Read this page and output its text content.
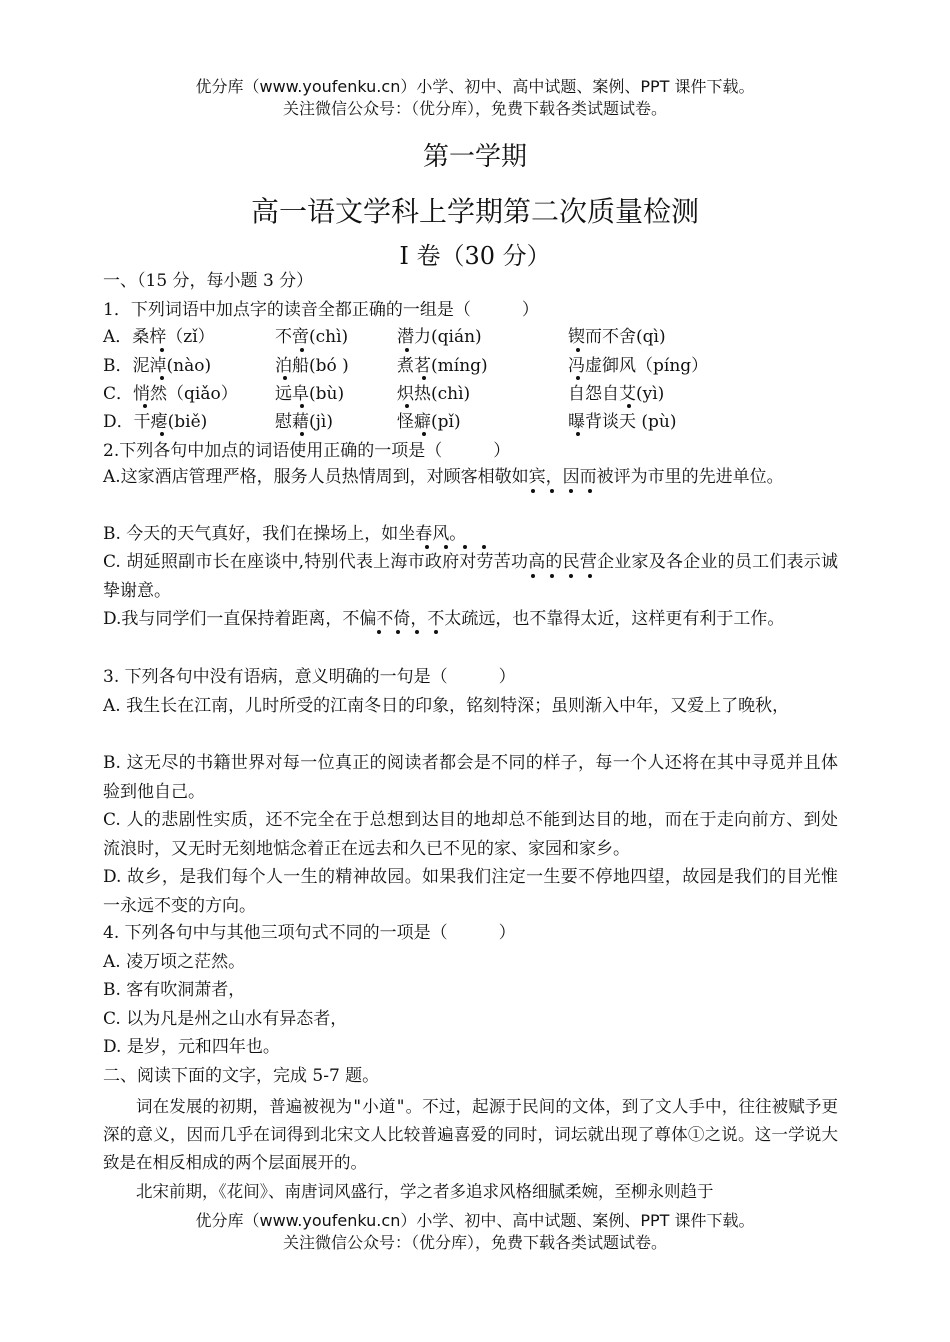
优分库（www.youfenku.cn）小学、初中、高中试题、案例、PPT 课件下载。
关注微信公众号：（优分库），免费下载各类试题试卷。
第一学期
高一语文学科上学期第二次质量检测
I 卷（30 分）
一、（15 分，每小题 3 分）
1．下列词语中加点字的读音全都正确的一组是（　　　）
A．桑梓（zǐ）	不啻(chì)	潜力(qián)	锲而不舍(qì)
B．泥淖(nào)	泊船(bó )	煮茗(míng)	冯虚御风（píng）
C．悄然（qiǎo） 远阜(bù)	炽热(chì)	自怨自艾(yì)
D．干瘪(biě)	慰藉(jì)	怪癖(pǐ)	曝背谈天 (pù)
2.下列各句中加点的词语使用正确的一项是（　　　）
A.这家酒店管理严格，服务人员热情周到，对顾客相敬如宾，因而被评为市里的先进单位。
B. 今天的天气真好，我们在操场上，如坐春风。
C. 胡延照副市长在座谈中,特别代表上海市政府对劳苦功高的民营企业家及各企业的员工们表示诚挚谢意。
D.我与同学们一直保持着距离，不偏不倚，不太疏远，也不靠得太近，这样更有利于工作。
3. 下列各句中没有语病，意义明确的一句是（　　　）
A. 我生长在江南，儿时所受的江南冬日的印象，铭刻特深；虽则渐入中年，又爱上了晚秋，
B. 这无尽的书籍世界对每一位真正的阅读者都会是不同的样子，每一个人还将在其中寻觅并且体验到他自己。
C. 人的悲剧性实质，还不完全在于总想到达目的地却总不能到达目的地，而在于走向前方、到处流浪时，又无时无刻地惦念着正在远去和久已不见的家、家园和家乡。
D. 故乡，是我们每个人一生的精神故园。如果我们注定一生要不停地四望，故园是我们的目光惟一永远不变的方向。
4. 下列各句中与其他三项句式不同的一项是（　　　）
A. 凌万顷之茫然。
B. 客有吹洞萧者，
C. 以为凡是州之山水有异态者，
D. 是岁，元和四年也。
二、阅读下面的文字，完成 5-7 题。
词在发展的初期，普遍被视为"小道"。不过，起源于民间的文体，到了文人手中，往往被赋予更深的意义，因而几乎在词得到北宋文人比较普遍喜爱的同时，词坛就出现了尊体①之说。这一学说大致是在相反相成的两个层面展开的。
北宋前期，《花间》、南唐词风盛行，学之者多追求风格细腻柔婉，至柳永则趋于
优分库（www.youfenku.cn）小学、初中、高中试题、案例、PPT 课件下载。
关注微信公众号：（优分库），免费下载各类试题试卷。
